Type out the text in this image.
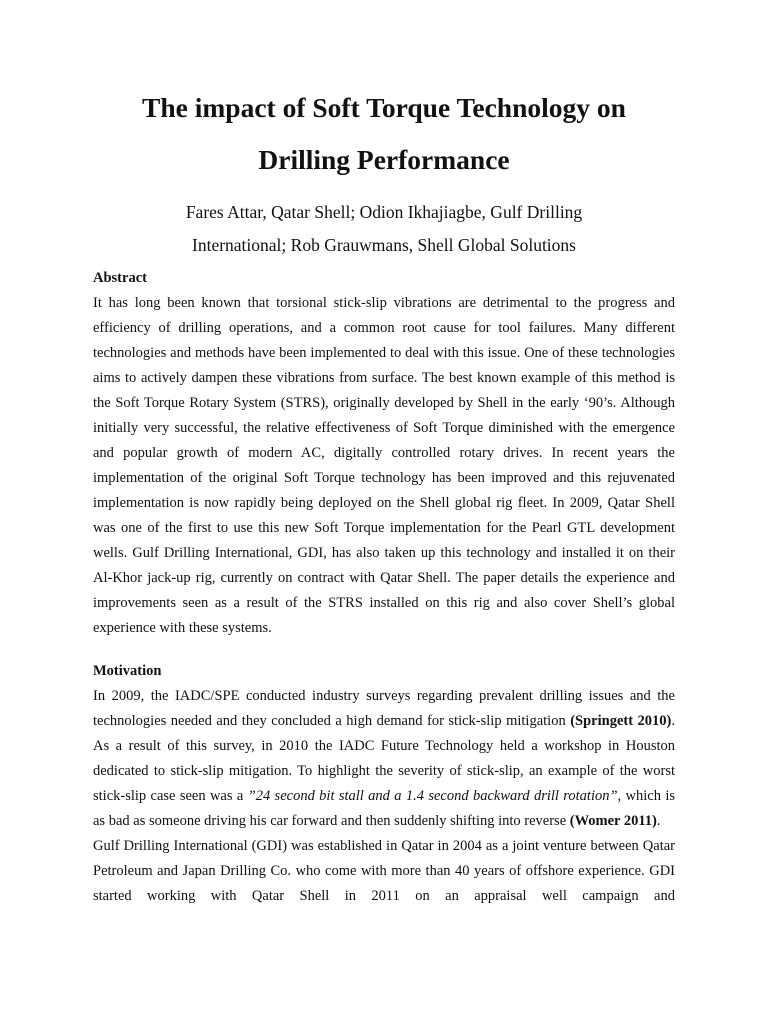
The impact of Soft Torque Technology on
Drilling Performance

Fares Attar, Qatar Shell; Odion Ikhajiagbe, Gulf Drilling
International; Rob Grauwmans, Shell Global Solutions

Abstract

It has long been known that torsional stick-slip vibrations are detrimental to the progress and efficiency of drilling operations, and a common root cause for tool failures. Many different technologies and methods have been implemented to deal with this issue. One of these technologies aims to actively dampen these vibrations from surface. The best known example of this method is the Soft Torque Rotary System (STRS), originally developed by Shell in the early ‘90’s. Although initially very successful, the relative effectiveness of Soft Torque diminished with the emergence and popular growth of modern AC, digitally controlled rotary drives. In recent years the implementation of the original Soft Torque technology has been improved and this rejuvenated implementation is now rapidly being deployed on the Shell global rig fleet. In 2009, Qatar Shell was one of the first to use this new Soft Torque implementation for the Pearl GTL development wells. Gulf Drilling International, GDI, has also taken up this technology and installed it on their Al-Khor jack-up rig, currently on contract with Qatar Shell. The paper details the experience and improvements seen as a result of the STRS installed on this rig and also cover Shell’s global experience with these systems.

Motivation

In 2009, the IADC/SPE conducted industry surveys regarding prevalent drilling issues and the technologies needed and they concluded a high demand for stick-slip mitigation (Springett 2010). As a result of this survey, in 2010 the IADC Future Technology held a workshop in Houston dedicated to stick-slip mitigation. To highlight the severity of stick-slip, an example of the worst stick-slip case seen was a ”24 second bit stall and a 1.4 second backward drill rotation”, which is as bad as someone driving his car forward and then suddenly shifting into reverse (Womer 2011).

Gulf Drilling International (GDI) was established in Qatar in 2004 as a joint venture between Qatar Petroleum and Japan Drilling Co. who come with more than 40 years of offshore experience. GDI started working with Qatar Shell in 2011 on an appraisal well campaign and
